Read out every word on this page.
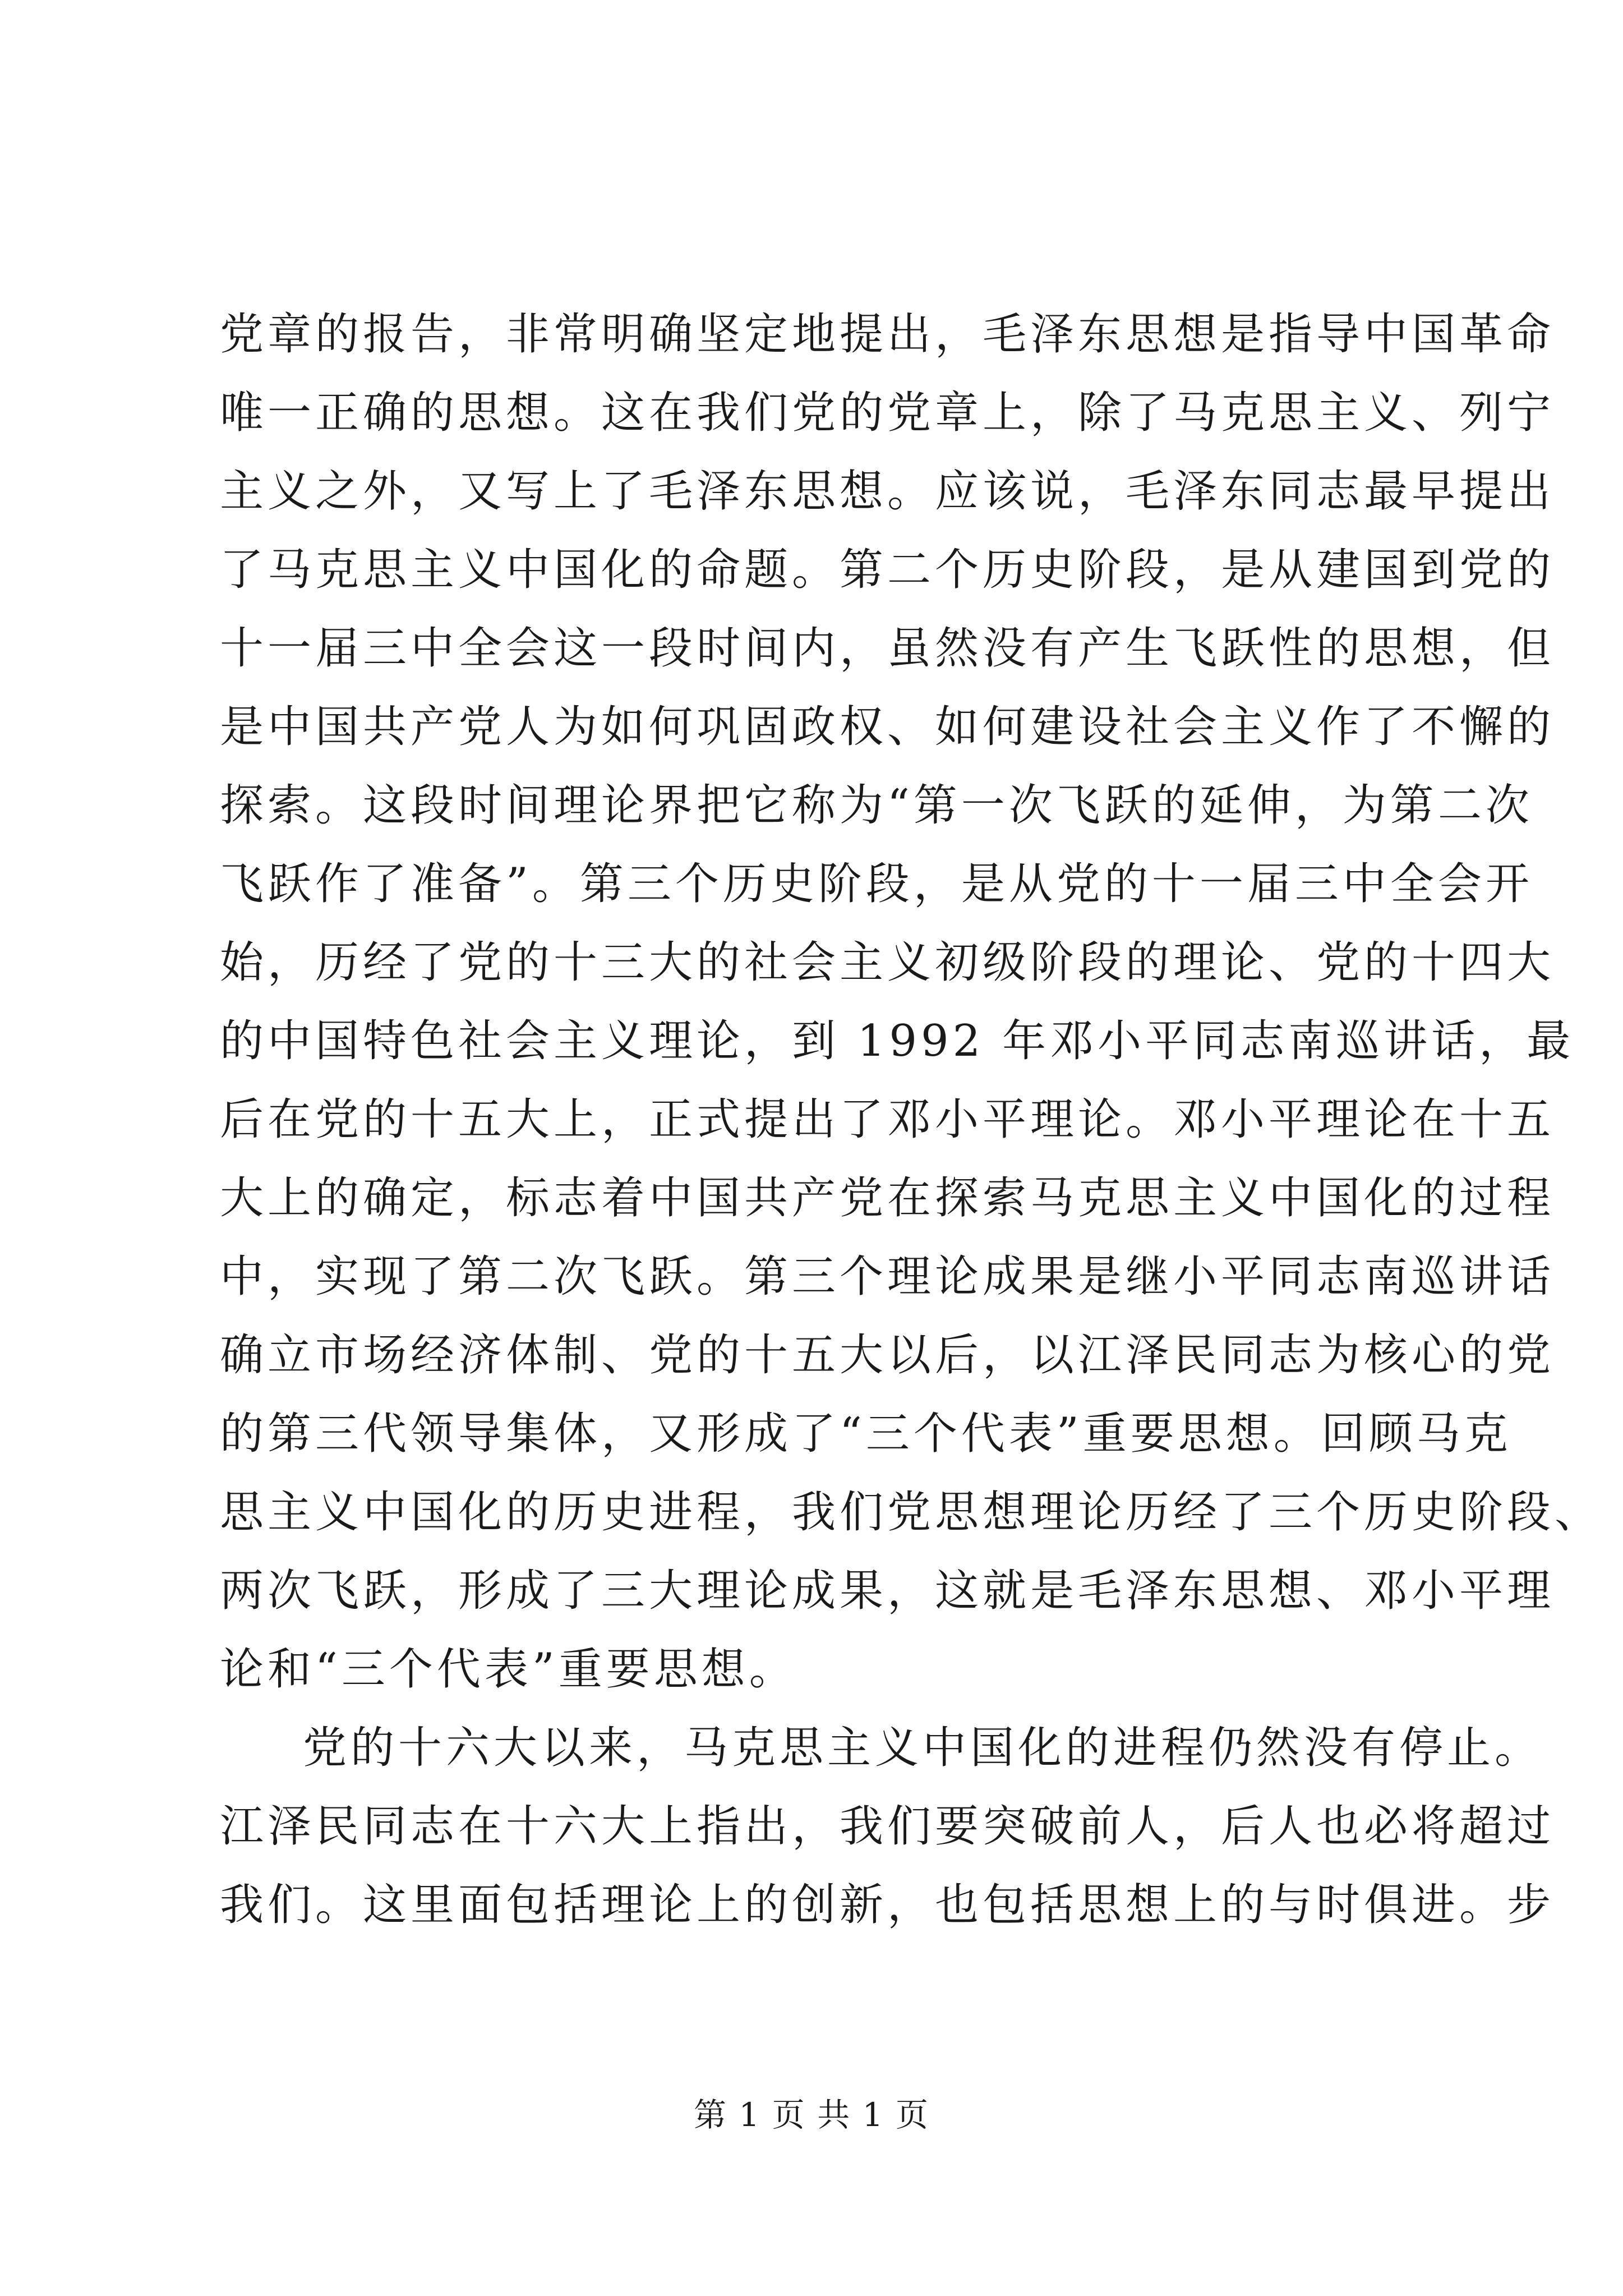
党章的报告，非常明确坚定地提出，毛泽东思想是指导中国革命
唯一正确的思想。这在我们党的党章上，除了马克思主义、列宁
主义之外，又写上了毛泽东思想。应该说，毛泽东同志最早提出
了马克思主义中国化的命题。第二个历史阶段，是从建国到党的
十一届三中全会这一段时间内，虽然没有产生飞跃性的思想，但
是中国共产党人为如何巩固政权、如何建设社会主义作了不懈的
探索。这段时间理论界把它称为“第一次飞跃的延伸，为第二次
飞跃作了准备”。第三个历史阶段，是从党的十一届三中全会开
始，历经了党的十三大的社会主义初级阶段的理论、党的十四大
的中国特色社会主义理论，到 1992 年邓小平同志南巡讲话，最
后在党的十五大上，正式提出了邓小平理论。邓小平理论在十五
大上的确定，标志着中国共产党在探索马克思主义中国化的过程
中，实现了第二次飞跃。第三个理论成果是继小平同志南巡讲话
确立市场经济体制、党的十五大以后，以江泽民同志为核心的党
的第三代领导集体，又形成了“三个代表”重要思想。回顾马克
思主义中国化的历史进程，我们党思想理论历经了三个历史阶段、
两次飞跃，形成了三大理论成果，这就是毛泽东思想、邓小平理
论和“三个代表”重要思想。
党的十六大以来，马克思主义中国化的进程仍然没有停止。
江泽民同志在十六大上指出，我们要突破前人，后人也必将超过
我们。这里面包括理论上的创新，也包括思想上的与时俱进。步
第 1 页 共 1 页
